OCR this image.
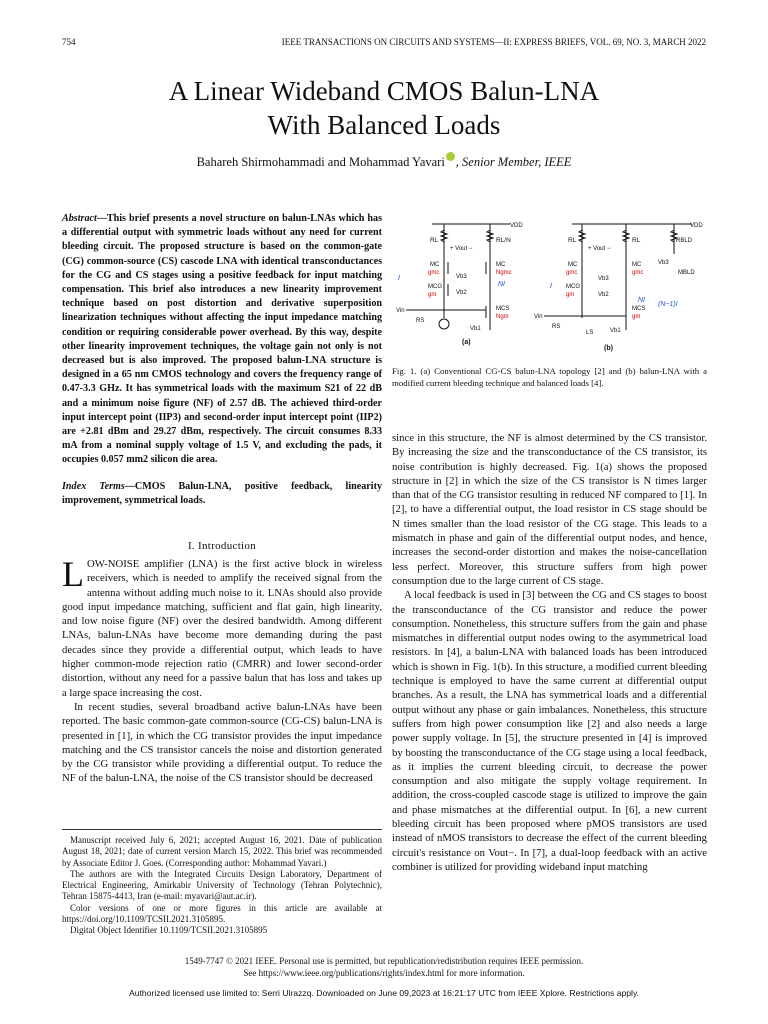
754	IEEE TRANSACTIONS ON CIRCUITS AND SYSTEMS—II: EXPRESS BRIEFS, VOL. 69, NO. 3, MARCH 2022
A Linear Wideband CMOS Balun-LNA
With Balanced Loads
Bahareh Shirmohammadi and Mohammad Yavari , Senior Member, IEEE
Abstract—This brief presents a novel structure on balun-LNAs which has a differential output with symmetric loads without any need for current bleeding circuit. The proposed structure is based on the common-gate (CG) common-source (CS) cascode LNA with identical transconductances for the CG and CS stages using a positive feedback for input matching compensation. This brief also introduces a new linearity improvement technique based on post distortion and derivative superposition linearization techniques without affecting the input impedance matching condition or requiring considerable power overhead. By this way, despite other linearity improvement techniques, the voltage gain not only is not decreased but is also improved. The proposed balun-LNA structure is designed in a 65 nm CMOS technology and covers the frequency range of 0.47-3.3 GHz. It has symmetrical loads with the maximum S21 of 22 dB and a minimum noise figure (NF) of 2.57 dB. The achieved third-order input intercept point (IIP3) and second-order input intercept point (IIP2) are +2.81 dBm and 29.27 dBm, respectively. The circuit consumes 8.33 mA from a nominal supply voltage of 1.5 V, and excluding the pads, it occupies 0.057 mm2 silicon die area.
Index Terms—CMOS Balun-LNA, positive feedback, linearity improvement, symmetrical loads.
I. Introduction

LOW-NOISE amplifier (LNA) is the first active block in wireless receivers, which is needed to amplify the received signal from the antenna without adding much noise to it. LNAs should also provide good input impedance matching, sufficient and flat gain, high linearity, and low noise figure (NF) over the desired bandwidth. Among different LNAs, balun-LNAs have become more demanding during the past decades since they provide a differential output, which leads to have higher common-mode rejection ratio (CMRR) and lower second-order distortion, without any need for a passive balun that has loss and takes up a large space increasing the cost.

In recent studies, several broadband active balun-LNAs have been reported. The basic common-gate common-source (CG-CS) balun-LNA is presented in [1], in which the CG transistor provides the input impedance matching and the CS transistor cancels the noise and distortion generated by the CG transistor while providing a differential output. To reduce the NF of the balun-LNA, the noise of the CS transistor should be decreased

Manuscript received July 6, 2021; accepted August 16, 2021. Date of publication August 18, 2021; date of current version March 15, 2022. This brief was recommended by Associate Editor J. Goes. (Corresponding author: Mohammad Yavari.)

The authors are with the Integrated Circuits Design Laboratory, Department of Electrical Engineering, Amirkabir University of Technology (Tehran Polytechnic), Tehran 15875-4413, Iran (e-mail: myavari@aut.ac.ir).

Color versions of one or more figures in this article are available at https://doi.org/10.1109/TCSII.2021.3105895.

Digital Object Identifier 10.1109/TCSII.2021.3105895

VDD
RL	RL/N
+ Vout −
MC
gmc
MC
Ngmc
Vb3
MCG
gm	Vb2
MCS
Ngm
Vin
RS
Vb1
I
NI
(a)
VDD
RL	RL	RBLD
+ Vout −
MC
gmc
MC
gmc
Vb3
MBLD
Vb3
MCG
gm	Vb2
MCS
gm
Vin
RS
LS	Vb1
I
NI
(N−1)I
(b)
Fig. 1. (a) Conventional CG-CS balun-LNA topology [2] and (b) balun-LNA with a modified current bleeding technique and balanced loads [4].

since in this structure, the NF is almost determined by the CS transistor. By increasing the size and the transconductance of the CS transistor, its noise contribution is highly decreased. Fig. 1(a) shows the proposed structure in [2] in which the size of the CS transistor is N times larger than that of the CG transistor resulting in reduced NF compared to [1]. In [2], to have a differential output, the load resistor in CS stage should be N times smaller than the load resistor of the CG stage. This leads to a mismatch in phase and gain of the differential output nodes, and hence, increases the second-order distortion and makes the noise-cancellation less perfect. Moreover, this structure suffers from high power consumption due to the large current of CS stage.

A local feedback is used in [3] between the CG and CS stages to boost the transconductance of the CG transistor and reduce the power consumption. Nonetheless, this structure suffers from the gain and phase mismatches in differential output nodes owing to the asymmetrical load resistors. In [4], a balun-LNA with balanced loads has been introduced which is shown in Fig. 1(b). In this structure, a modified current bleeding technique is employed to have the same current at differential output branches. As a result, the LNA has symmetrical loads and a differential output without any phase or gain imbalances. Nonetheless, this structure suffers from high power consumption like [2] and also needs a large power supply voltage. In [5], the structure presented in [4] is improved by boosting the transconductance of the CG stage using a local feedback, as it implies the current bleeding circuit, to decrease the power consumption and also mitigate the supply voltage requirement. In addition, the cross-coupled cascode stage is utilized to improve the gain and phase mismatches at the differential output. In [6], a new current bleeding circuit has been proposed where pMOS transistors are used instead of nMOS transistors to decrease the effect of the current bleeding circuit's resistance on Vout−. In [7], a dual-loop feedback with an active combiner is utilized for providing wideband input matching

1549-7747 © 2021 IEEE. Personal use is permitted, but republication/redistribution requires IEEE permission.
See https://www.ieee.org/publications/rights/index.html for more information.
Authorized licensed use limited to: Serri Ulrazzq. Downloaded on June 09,2023 at 16:21:17 UTC from IEEE Xplore. Restrictions apply.
